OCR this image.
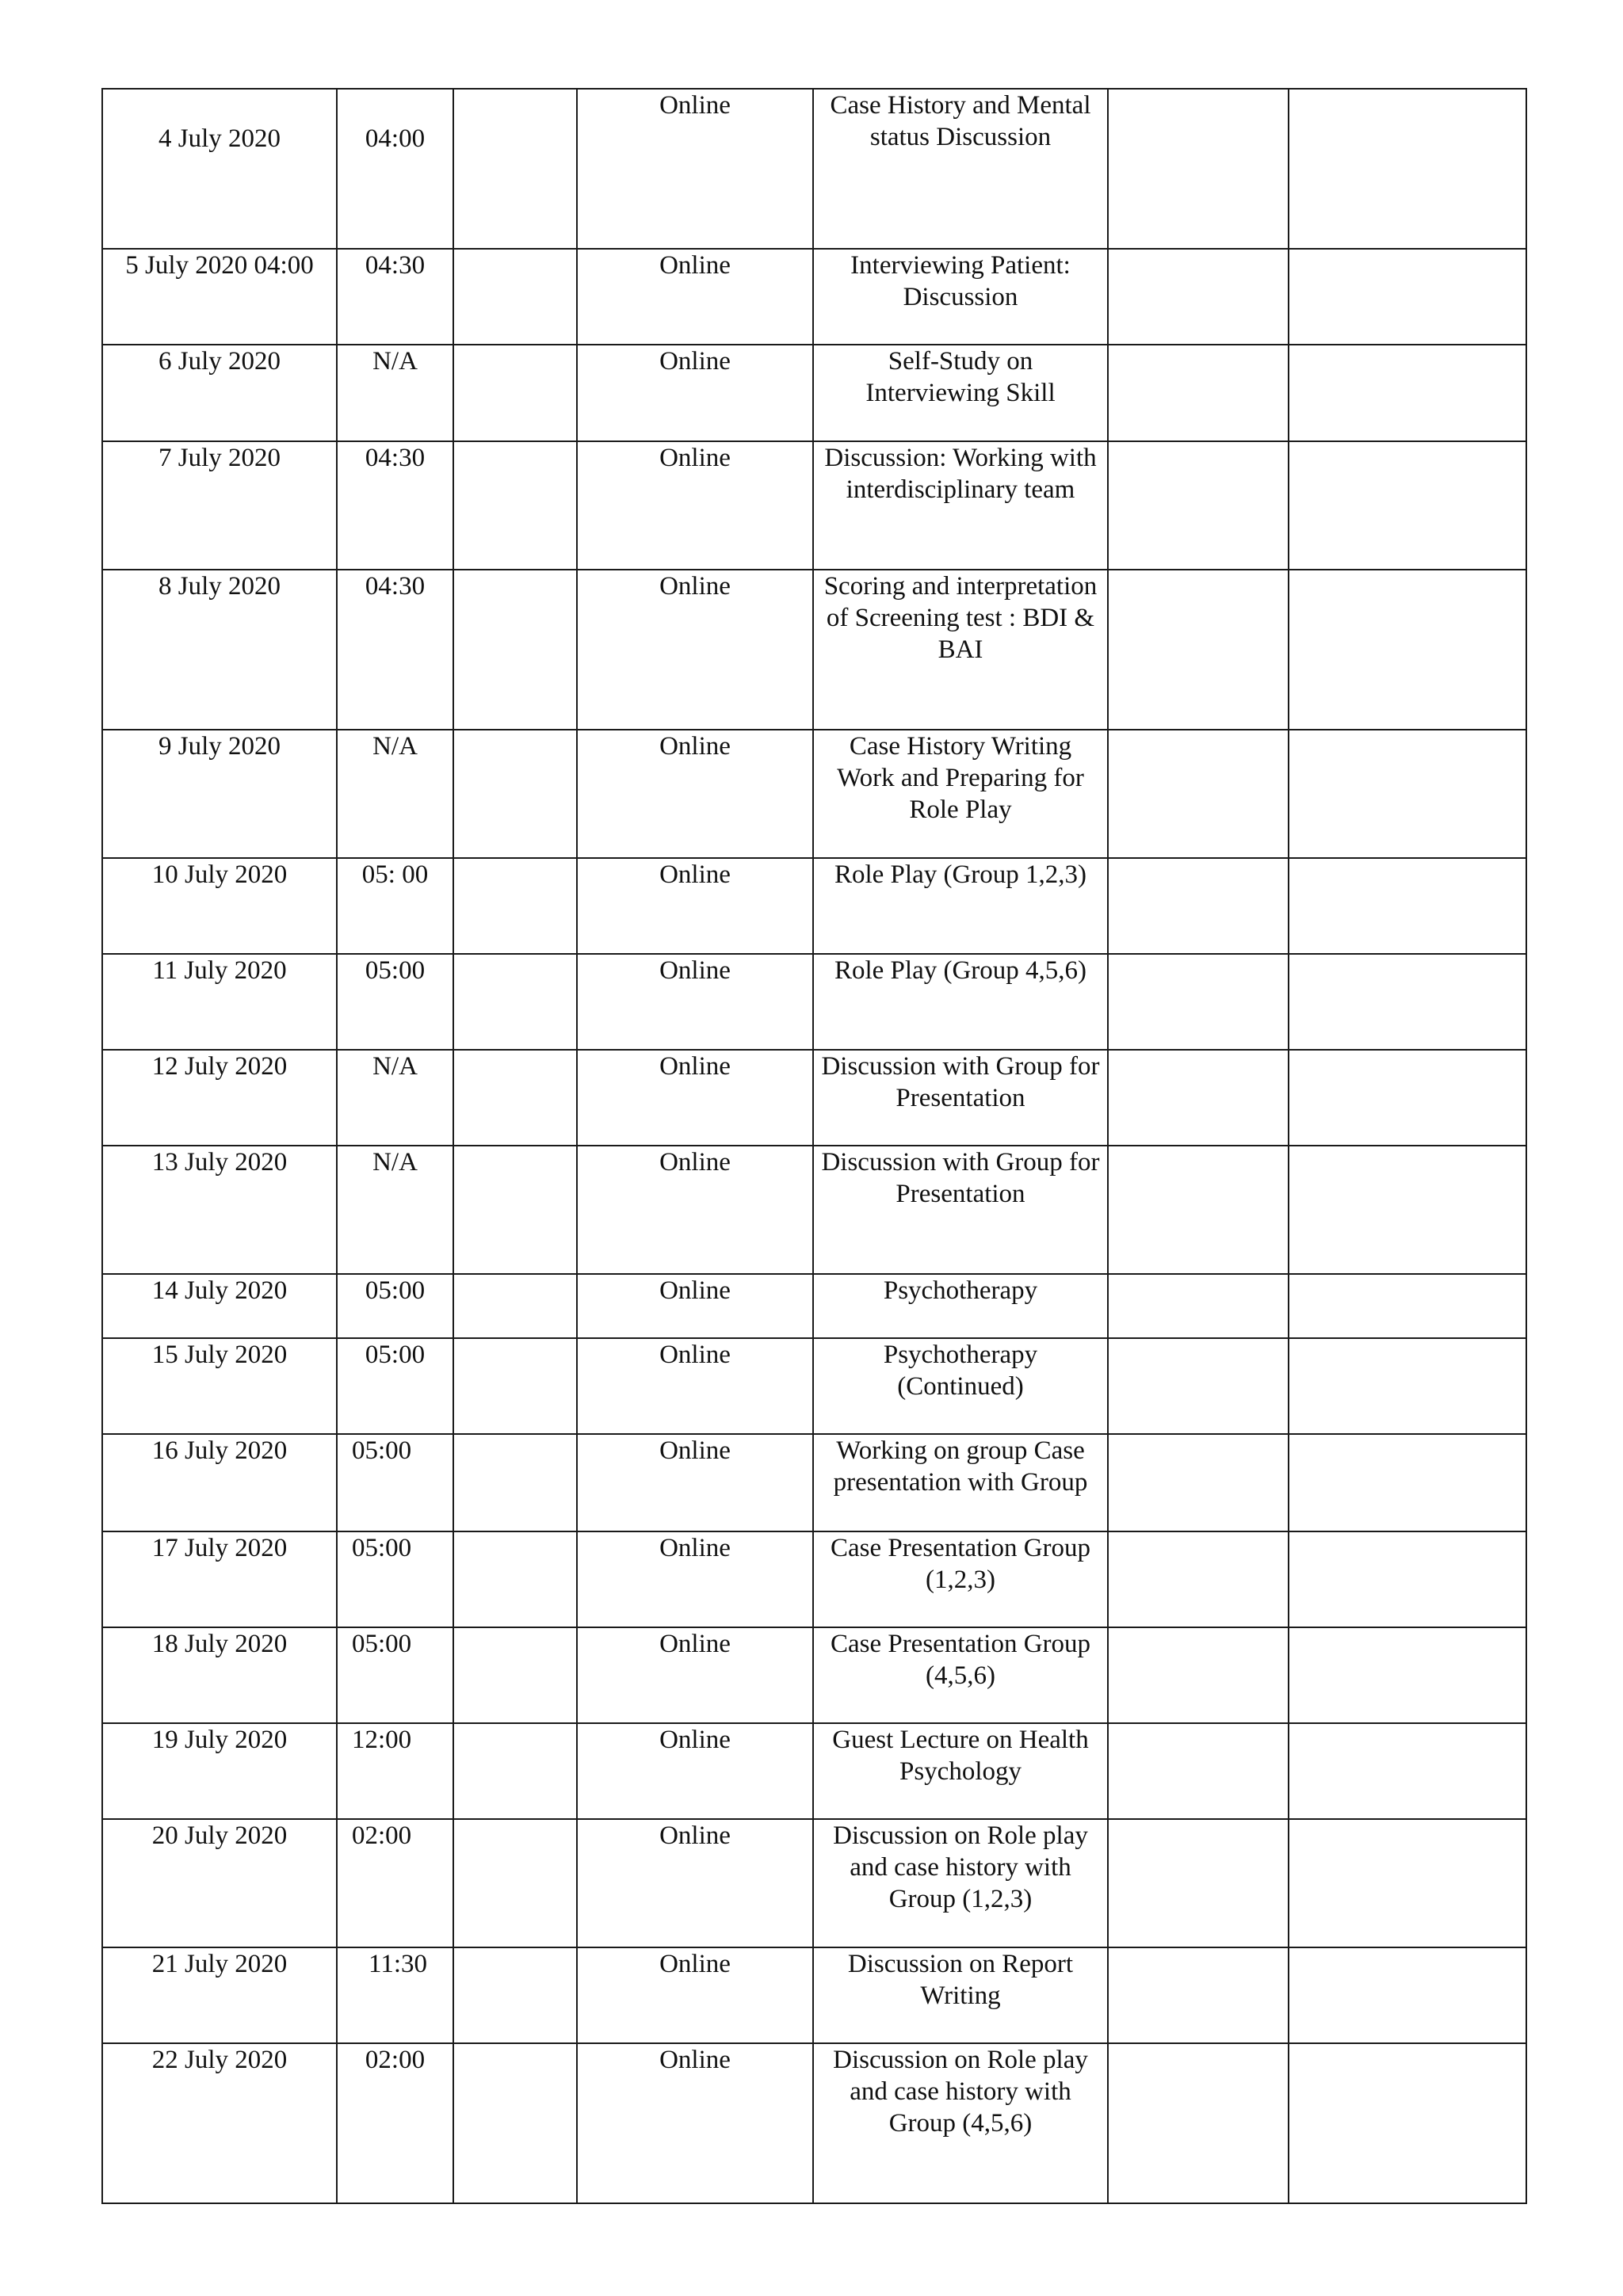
4 July 2020	04:00		Online	Case History and Mental status Discussion		
5 July 2020 04:00	04:30		Online	Interviewing Patient: Discussion		
6 July 2020	N/A		Online	Self-Study on Interviewing Skill		
7 July 2020	04:30		Online	Discussion: Working with interdisciplinary team		
8 July 2020	04:30		Online	Scoring and interpretation of Screening test : BDI & BAI		
9 July 2020	N/A		Online	Case History Writing Work and Preparing for Role Play		
10 July 2020	05: 00		Online	Role Play (Group 1,2,3)		
11 July 2020	05:00		Online	Role Play (Group 4,5,6)		
12 July 2020	N/A		Online	Discussion with Group for Presentation		
13 July 2020	N/A		Online	Discussion with Group for Presentation		
14 July 2020	05:00		Online	Psychotherapy		
15 July 2020	05:00		Online	Psychotherapy (Continued)		
16 July 2020	05:00		Online	Working on group Case presentation with Group		
17 July 2020	05:00		Online	Case Presentation Group (1,2,3)		
18 July 2020	05:00		Online	Case Presentation Group (4,5,6)		
19 July 2020	12:00		Online	Guest Lecture on Health Psychology		
20 July 2020	02:00		Online	Discussion on Role play and case history with Group (1,2,3)		
21 July 2020	11:30		Online	Discussion on Report Writing		
22 July 2020	02:00		Online	Discussion on Role play and case history with Group (4,5,6)		
